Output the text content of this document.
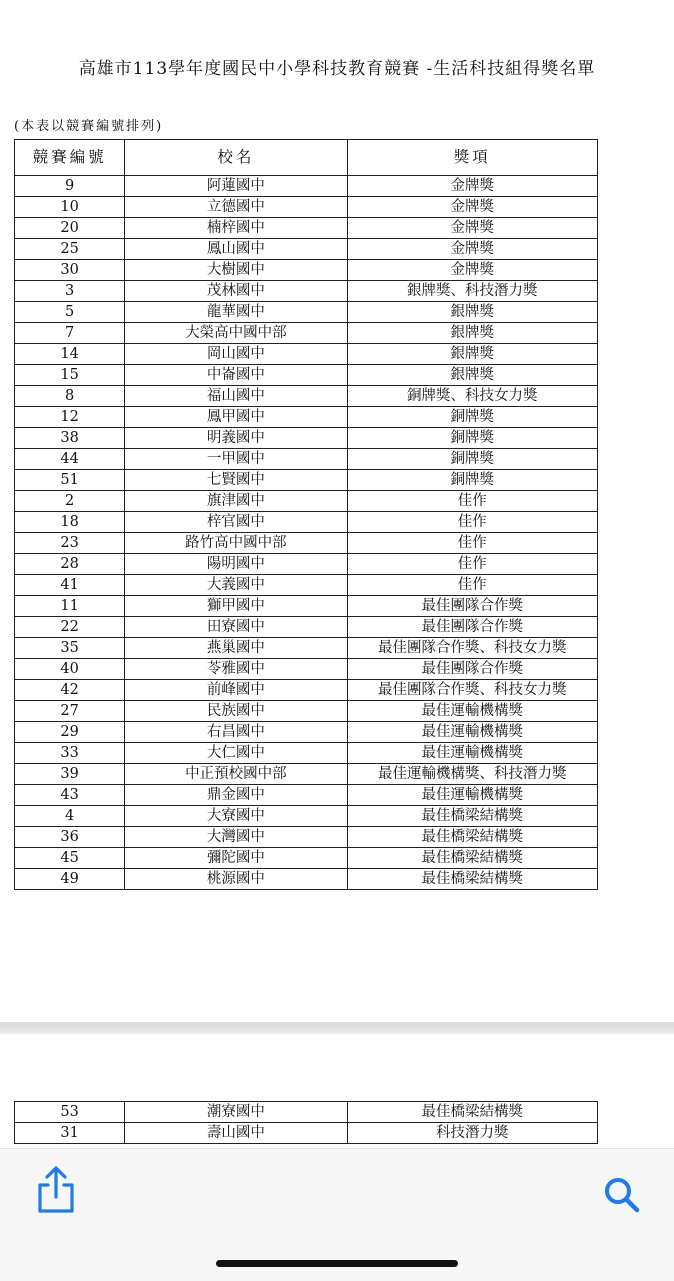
高雄市113學年度國民中小學科技教育競賽 -生活科技組得獎名單
(本表以競賽編號排列)
競賽編號	校名	獎項
9	阿蓮國中	金牌獎
10	立德國中	金牌獎
20	楠梓國中	金牌獎
25	鳳山國中	金牌獎
30	大樹國中	金牌獎
3	茂林國中	銀牌獎、科技潛力獎
5	龍華國中	銀牌獎
7	大榮高中國中部	銀牌獎
14	岡山國中	銀牌獎
15	中崙國中	銀牌獎
8	福山國中	銅牌獎、科技女力獎
12	鳳甲國中	銅牌獎
38	明義國中	銅牌獎
44	一甲國中	銅牌獎
51	七賢國中	銅牌獎
2	旗津國中	佳作
18	梓官國中	佳作
23	路竹高中國中部	佳作
28	陽明國中	佳作
41	大義國中	佳作
11	獅甲國中	最佳團隊合作獎
22	田寮國中	最佳團隊合作獎
35	燕巢國中	最佳團隊合作獎、科技女力獎
40	苓雅國中	最佳團隊合作獎
42	前峰國中	最佳團隊合作獎、科技女力獎
27	民族國中	最佳運輸機構獎
29	右昌國中	最佳運輸機構獎
33	大仁國中	最佳運輸機構獎
39	中正預校國中部	最佳運輸機構獎、科技潛力獎
43	鼎金國中	最佳運輸機構獎
4	大寮國中	最佳橋梁結構獎
36	大灣國中	最佳橋梁結構獎
45	彌陀國中	最佳橋梁結構獎
49	桃源國中	最佳橋梁結構獎
53	潮寮國中	最佳橋梁結構獎
31	壽山國中	科技潛力獎
